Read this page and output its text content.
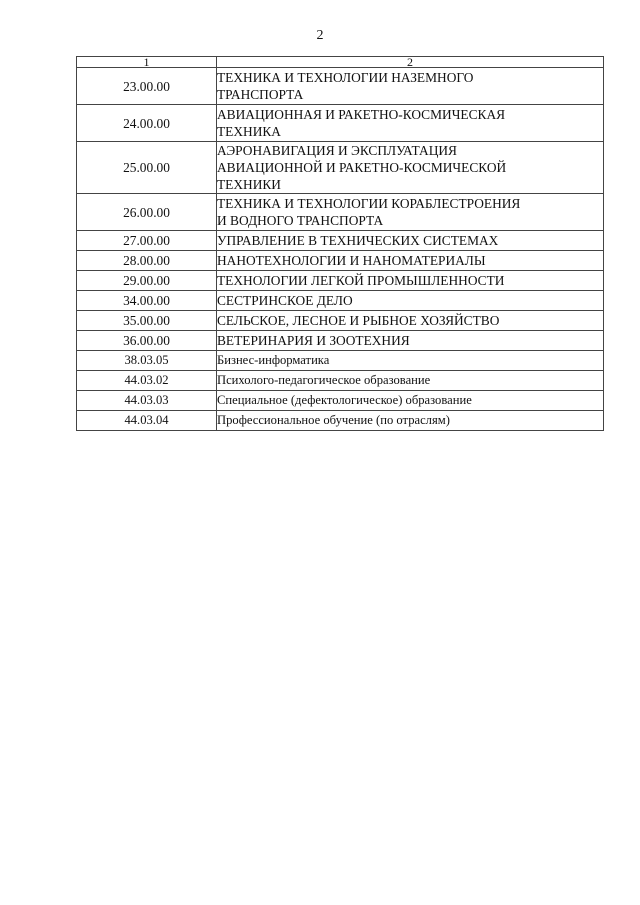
2
1	2
23.00.00	ТЕХНИКА И ТЕХНОЛОГИИ НАЗЕМНОГО
ТРАНСПОРТА

24.00.00	АВИАЦИОННАЯ И РАКЕТНО-КОСМИЧЕСКАЯ
ТЕХНИКА

25.00.00	АЭРОНАВИГАЦИЯ И ЭКСПЛУАТАЦИЯ
АВИАЦИОННОЙ И РАКЕТНО-КОСМИЧЕСКОЙ
ТЕХНИКИ

26.00.00	ТЕХНИКА И ТЕХНОЛОГИИ КОРАБЛЕСТРОЕНИЯ
И ВОДНОГО ТРАНСПОРТА

27.00.00	УПРАВЛЕНИЕ В ТЕХНИЧЕСКИХ СИСТЕМАХ
28.00.00	НАНОТЕХНОЛОГИИ И НАНОМАТЕРИАЛЫ
29.00.00	ТЕХНОЛОГИИ ЛЕГКОЙ ПРОМЫШЛЕННОСТИ
34.00.00	СЕСТРИНСКОЕ ДЕЛО
35.00.00	СЕЛЬСКОЕ, ЛЕСНОЕ И РЫБНОЕ ХОЗЯЙСТВО
36.00.00	ВЕТЕРИНАРИЯ И ЗООТЕХНИЯ
38.03.05	Бизнес-информатика
44.03.02	Психолого-педагогическое образование
44.03.03	Специальное (дефектологическое) образование
44.03.04	Профессиональное обучение (по отраслям)
